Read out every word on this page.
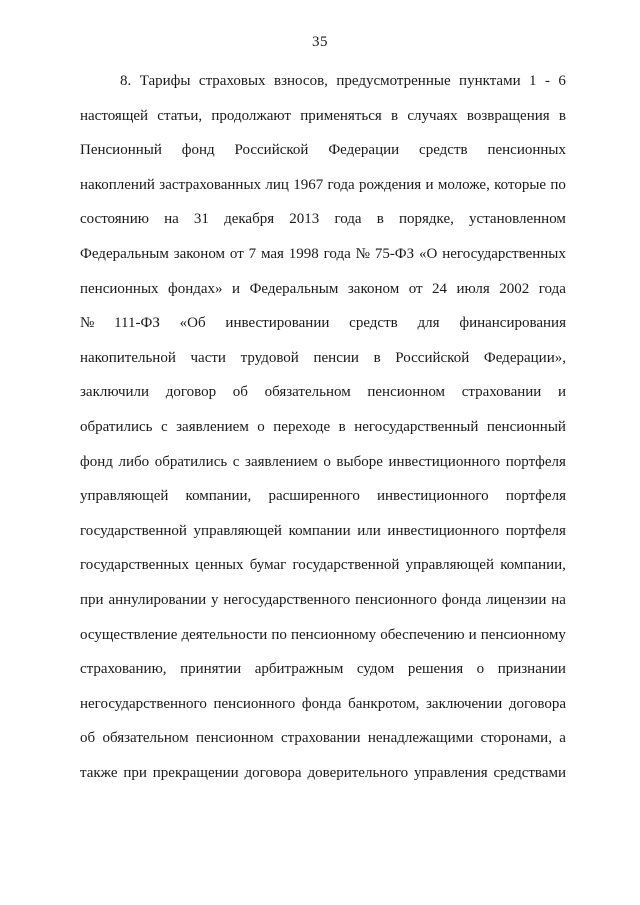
35
8. Тарифы страховых взносов, предусмотренные пунктами 1 - 6
настоящей статьи, продолжают применяться в случаях возвращения в
Пенсионный фонд Российской Федерации средств пенсионных
накоплений застрахованных лиц 1967 года рождения и моложе, которые по
состоянию на 31 декабря 2013 года в порядке, установленном
Федеральным законом от 7 мая 1998 года № 75-ФЗ «О негосударственных
пенсионных фондах» и Федеральным законом от 24 июля 2002 года
№ 111-ФЗ «Об инвестировании средств для финансирования
накопительной части трудовой пенсии в Российской Федерации»,
заключили договор об обязательном пенсионном страховании и
обратились с заявлением о переходе в негосударственный пенсионный
фонд либо обратились с заявлением о выборе инвестиционного портфеля
управляющей компании, расширенного инвестиционного портфеля
государственной управляющей компании или инвестиционного портфеля
государственных ценных бумаг государственной управляющей компании,
при аннулировании у негосударственного пенсионного фонда лицензии на
осуществление деятельности по пенсионному обеспечению и пенсионному
страхованию, принятии арбитражным судом решения о признании
негосударственного пенсионного фонда банкротом, заключении договора
об обязательном пенсионном страховании ненадлежащими сторонами, а
также при прекращении договора доверительного управления средствами
